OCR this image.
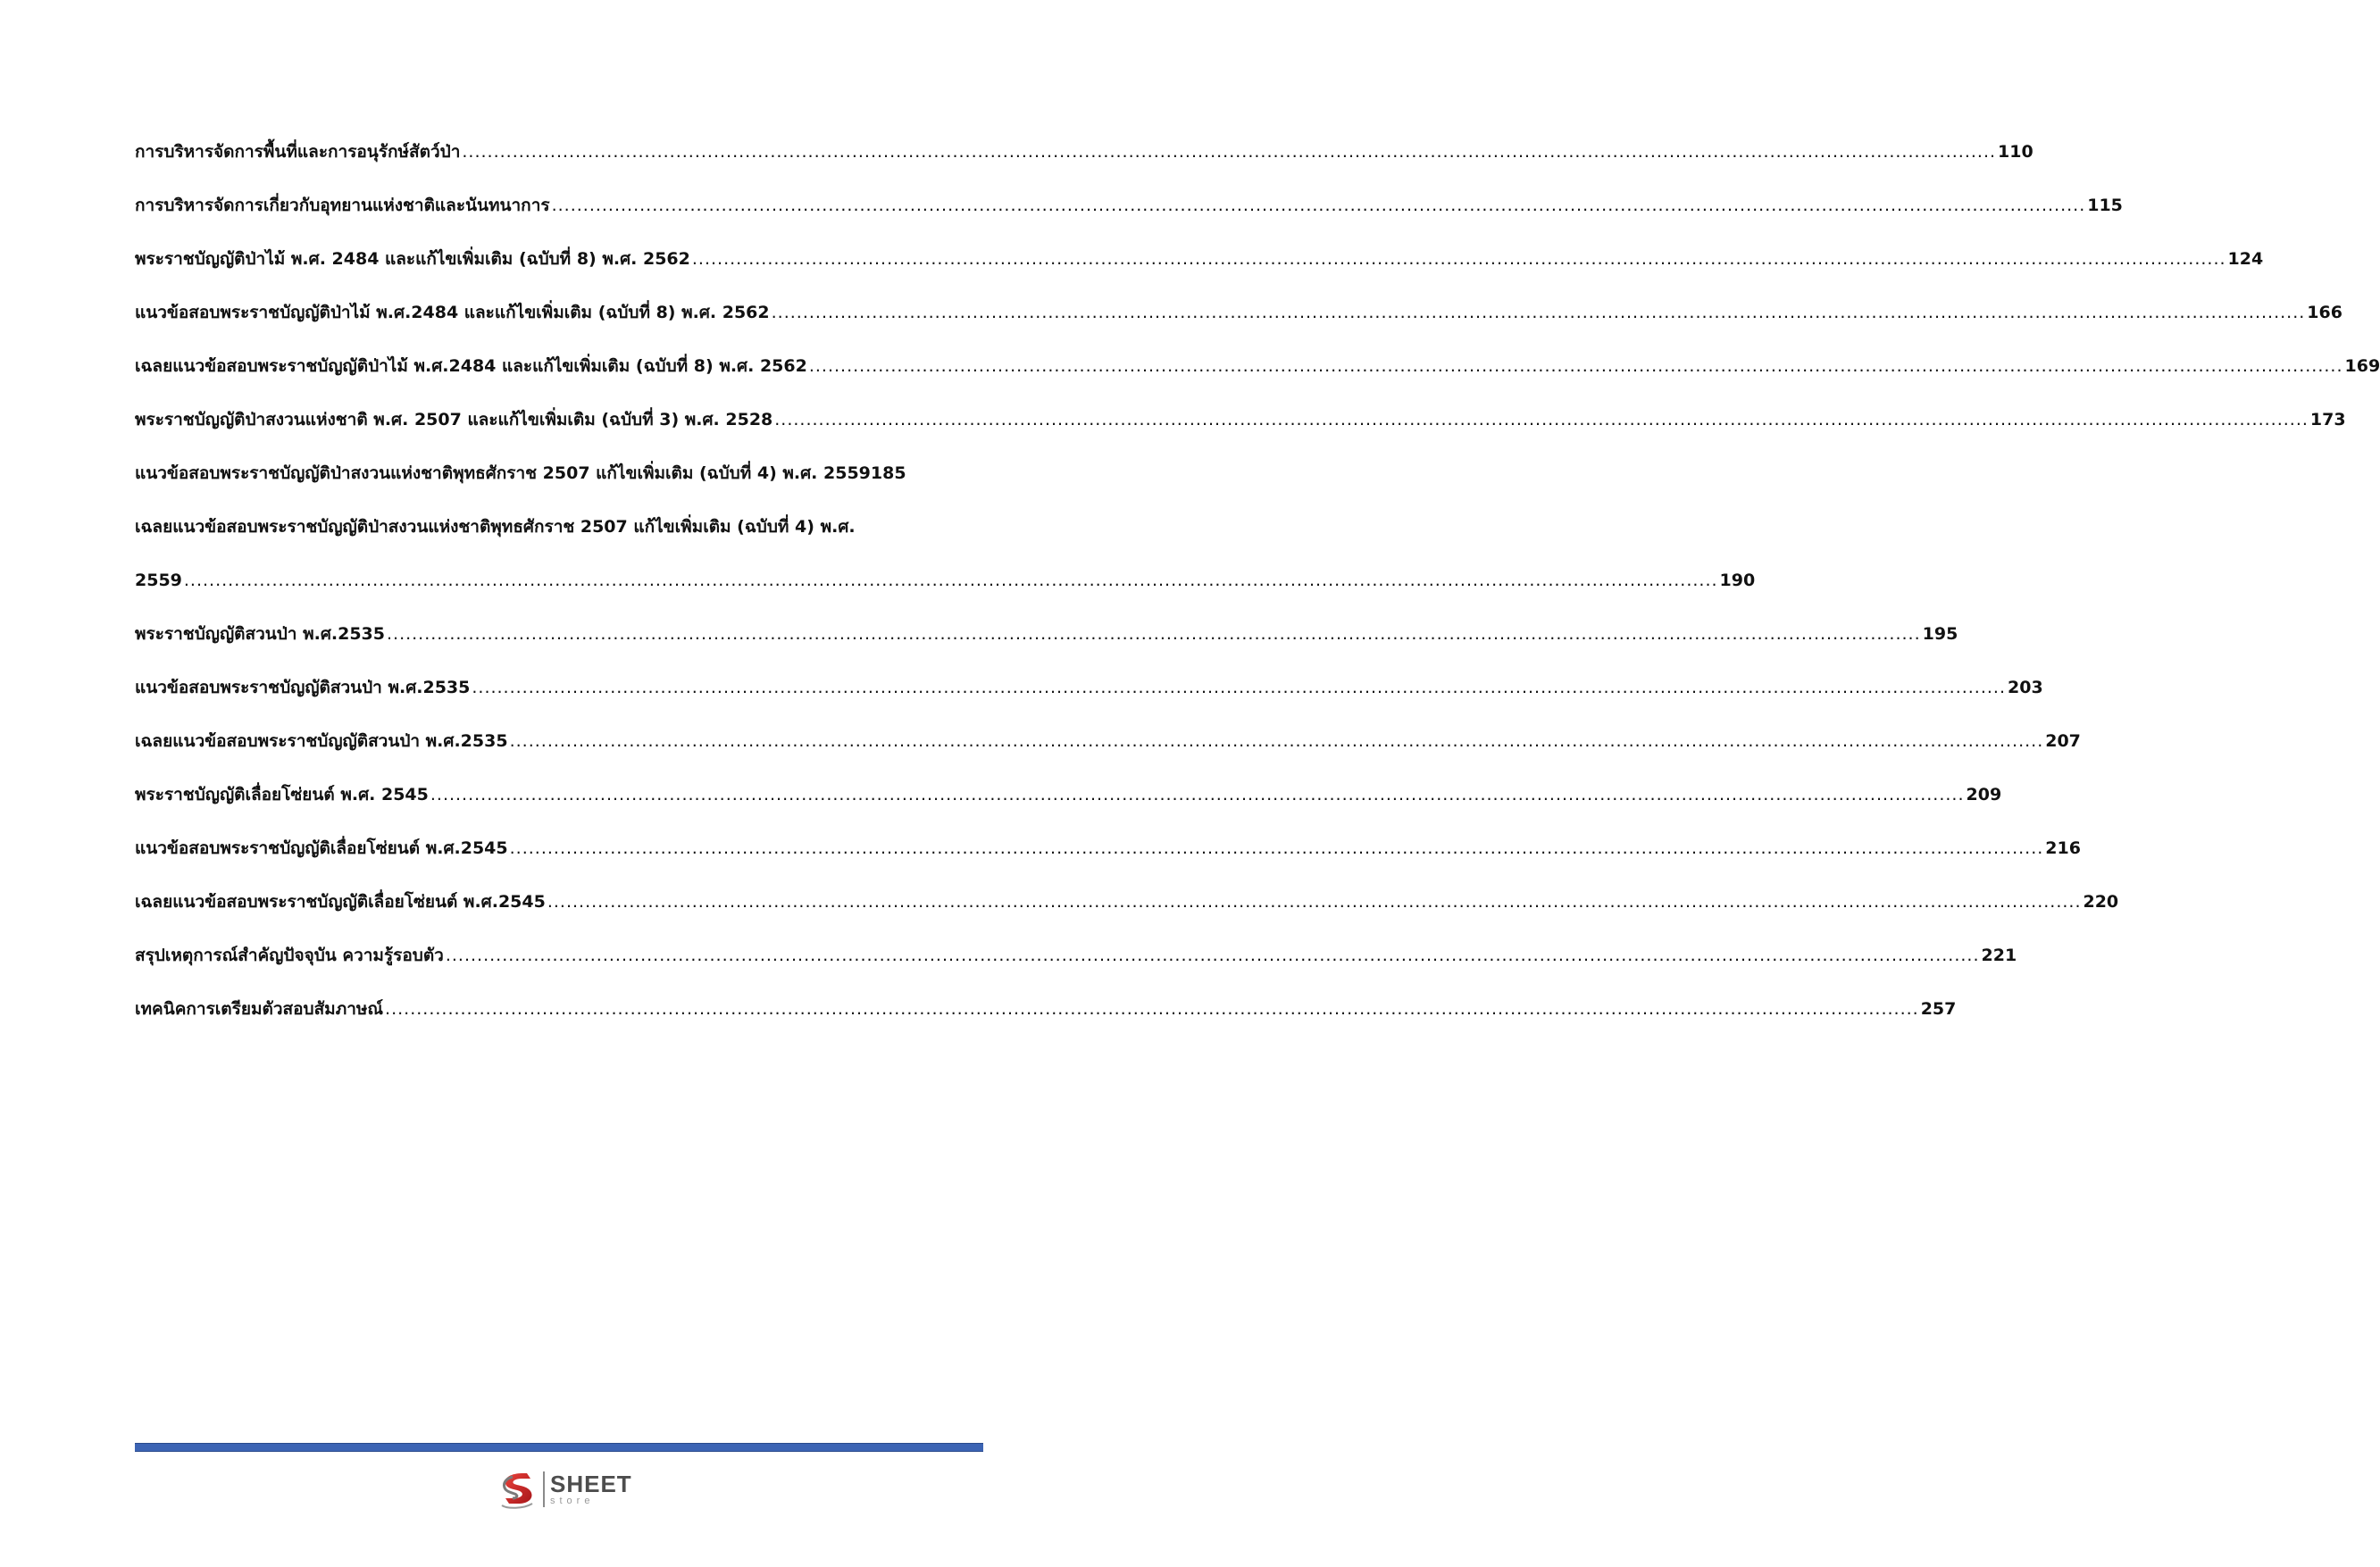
การบริหารจัดการพื้นที่และการอนุรักษ์สัตว์ป่า .................................................................................................................................................................................................................................................... 110
การบริหารจัดการเกี่ยวกับอุทยานแห่งชาติและนันทนาการ .................................................................................................................................................................................................................................................... 115
พระราชบัญญัติป่าไม้ พ.ศ. 2484 และแก้ไขเพิ่มเติม (ฉบับที่ 8) พ.ศ. 2562 .................................................................................................................................................................................................................................................... 124
แนวข้อสอบพระราชบัญญัติป่าไม้ พ.ศ.2484 และแก้ไขเพิ่มเติม (ฉบับที่ 8) พ.ศ. 2562 .................................................................................................................................................................................................................................................... 166
เฉลยแนวข้อสอบพระราชบัญญัติป่าไม้ พ.ศ.2484 และแก้ไขเพิ่มเติม (ฉบับที่ 8) พ.ศ. 2562 .................................................................................................................................................................................................................................................... 169
พระราชบัญญัติป่าสงวนแห่งชาติ พ.ศ. 2507 และแก้ไขเพิ่มเติม (ฉบับที่ 3) พ.ศ. 2528 .................................................................................................................................................................................................................................................... 173
แนวข้อสอบพระราชบัญญัติป่าสงวนแห่งชาติพุทธศักราช 2507 แก้ไขเพิ่มเติม (ฉบับที่ 4) พ.ศ. 2559185
เฉลยแนวข้อสอบพระราชบัญญัติป่าสงวนแห่งชาติพุทธศักราช 2507 แก้ไขเพิ่มเติม (ฉบับที่ 4) พ.ศ.
2559 .................................................................................................................................................................................................................................................... 190
พระราชบัญญัติสวนป่า พ.ศ.2535 .................................................................................................................................................................................................................................................... 195
แนวข้อสอบพระราชบัญญัติสวนป่า พ.ศ.2535 .................................................................................................................................................................................................................................................... 203
เฉลยแนวข้อสอบพระราชบัญญัติสวนป่า พ.ศ.2535 .................................................................................................................................................................................................................................................... 207
พระราชบัญญัติเลื่อยโซ่ยนต์ พ.ศ. 2545 .................................................................................................................................................................................................................................................... 209
แนวข้อสอบพระราชบัญญัติเลื่อยโซ่ยนต์ พ.ศ.2545 .................................................................................................................................................................................................................................................... 216
เฉลยแนวข้อสอบพระราชบัญญัติเลื่อยโซ่ยนต์ พ.ศ.2545 .................................................................................................................................................................................................................................................... 220
สรุปเหตุการณ์สำคัญปัจจุบัน ความรู้รอบตัว .................................................................................................................................................................................................................................................... 221
เทคนิคการเตรียมตัวสอบสัมภาษณ์ .................................................................................................................................................................................................................................................... 257
SHEET
store
